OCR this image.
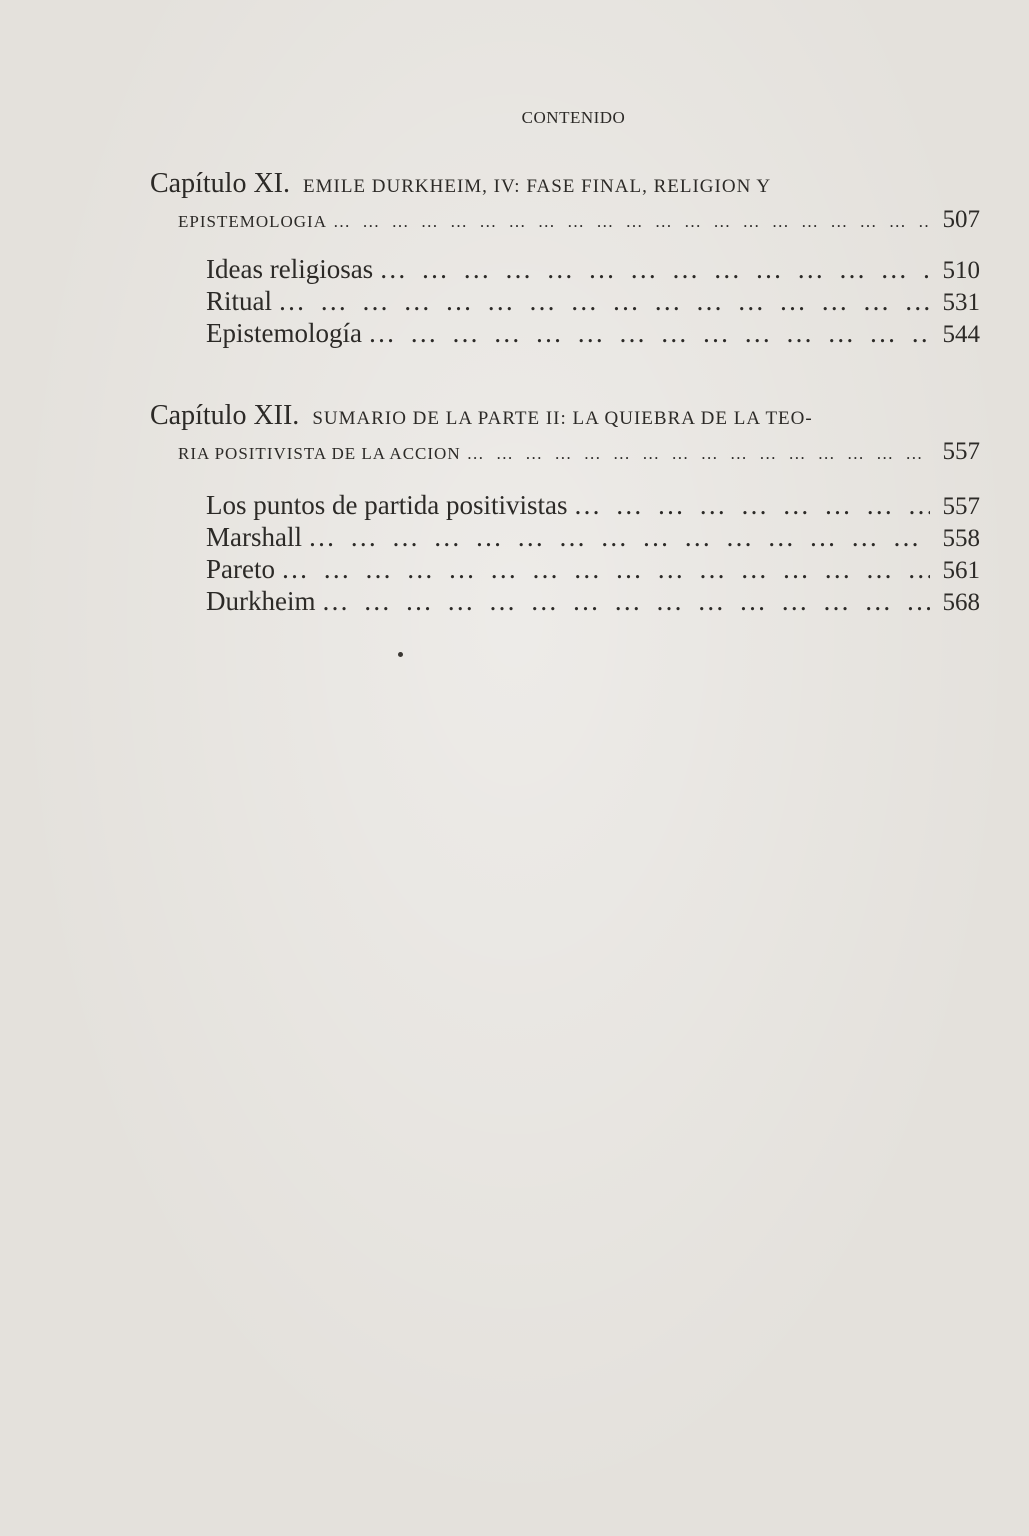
CONTENIDO
Capítulo XI. EMILE DURKHEIM, IV: FASE FINAL, RELIGION Y
EPISTEMOLOGIA … … … … … … … … … … … … … … … … … … … … … … … … … … … … … … … … … … … … … … … …	507
Ideas religiosas … … … … … … … … … … … … … … … … … … … … … … … … … … … … … … … … … … … … … … … …	510
Ritual … … … … … … … … … … … … … … … … … … … … … … … … … … … … … … … … … … … … … … … …	531
Epistemología … … … … … … … … … … … … … … … … … … … … … … … … … … … … … … … … … … … … … … … …	544
Capítulo XII. SUMARIO DE LA PARTE II: LA QUIEBRA DE LA TEO-
RIA POSITIVISTA DE LA ACCION … … … … … … … … … … … … … … … … … … … … … … … … … … … … … … … … … … … … … … … …	557
Los puntos de partida positivistas … … … … … … … … … … … … … … … … … … … … … … … … … … … … … … … … … … … … … … … …	557
Marshall … … … … … … … … … … … … … … … … … … … … … … … … … … … … … … … … … … … … … … … …	558
Pareto … … … … … … … … … … … … … … … … … … … … … … … … … … … … … … … … … … … … … … … …	561
Durkheim … … … … … … … … … … … … … … … … … … … … … … … … … … … … … … … … … … … … … … … …	568
